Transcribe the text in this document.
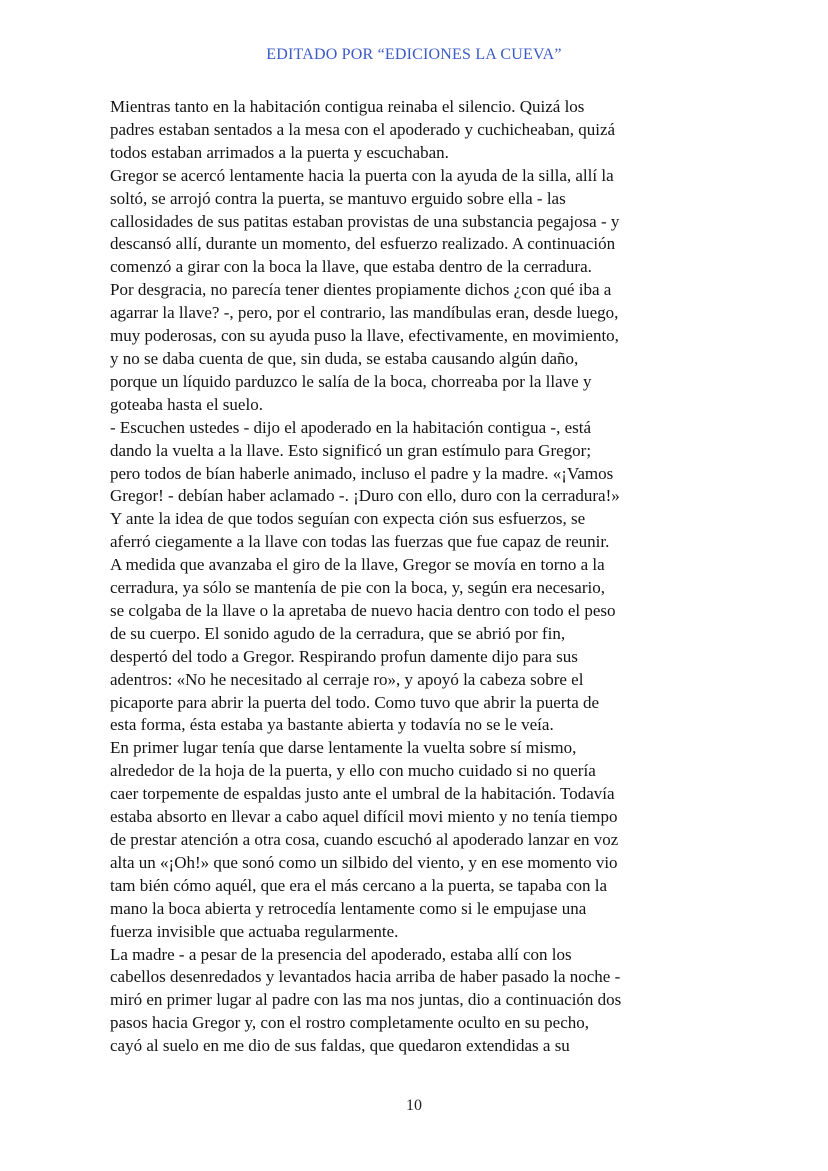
EDITADO POR “EDICIONES LA CUEVA”
Mientras tanto en la habitación contigua reinaba el silencio. Quizá los
padres estaban sentados a la mesa con el apoderado y cuchicheaban, quizá
todos estaban arrimados a la puerta y escuchaban.
Gregor se acercó lentamente hacia la puerta con la ayuda de la silla, allí la
soltó, se arrojó contra la puerta, se mantuvo erguido sobre ella - las
callosidades de sus patitas estaban provistas de una substancia pegajosa - y
descansó allí, durante un momento, del esfuerzo realizado. A continuación
comenzó a girar con la boca la llave, que estaba dentro de la cerradura.
Por desgracia, no parecía tener dientes propiamente dichos ¿con qué iba a
agarrar la llave? -, pero, por el contrario, las mandíbulas eran, desde luego,
muy poderosas, con su ayuda puso la llave, efectivamente, en movimiento,
y no se daba cuenta de que, sin duda, se estaba causando algún daño,
porque un líquido parduzco le salía de la boca, chorreaba por la llave y
goteaba hasta el suelo.
- Escuchen ustedes - dijo el apoderado en la habitación contigua -, está
dando la vuelta a la llave. Esto significó un gran estímulo para Gregor;
pero todos de bían haberle animado, incluso el padre y la madre. «¡Vamos
Gregor! - debían haber aclamado -. ¡Duro con ello, duro con la cerradura!»
Y ante la idea de que todos seguían con expecta ción sus esfuerzos, se
aferró ciegamente a la llave con todas las fuerzas que fue capaz de reunir.
A medida que avanzaba el giro de la llave, Gregor se movía en torno a la
cerradura, ya sólo se mantenía de pie con la boca, y, según era necesario,
se colgaba de la llave o la apretaba de nuevo hacia dentro con todo el peso
de su cuerpo. El sonido agudo de la cerradura, que se abrió por fin,
despertó del todo a Gregor. Respirando profun damente dijo para sus
adentros: «No he necesitado al cerraje ro», y apoyó la cabeza sobre el
picaporte para abrir la puerta del todo. Como tuvo que abrir la puerta de
esta forma, ésta estaba ya bastante abierta y todavía no se le veía.
En primer lugar tenía que darse lentamente la vuelta sobre sí mismo,
alrededor de la hoja de la puerta, y ello con mucho cuidado si no quería
caer torpemente de espaldas justo ante el umbral de la habitación. Todavía
estaba absorto en llevar a cabo aquel difícil movi miento y no tenía tiempo
de prestar atención a otra cosa, cuando escuchó al apoderado lanzar en voz
alta un «¡Oh!» que sonó como un silbido del viento, y en ese momento vio
tam bién cómo aquél, que era el más cercano a la puerta, se tapaba con la
mano la boca abierta y retrocedía lentamente como si le empujase una
fuerza invisible que actuaba regularmente.
La madre - a pesar de la presencia del apoderado, estaba allí con los
cabellos desenredados y levantados hacia arriba de haber pasado la noche -
miró en primer lugar al padre con las ma nos juntas, dio a continuación dos
pasos hacia Gregor y, con el rostro completamente oculto en su pecho,
cayó al suelo en me dio de sus faldas, que quedaron extendidas a su
10
